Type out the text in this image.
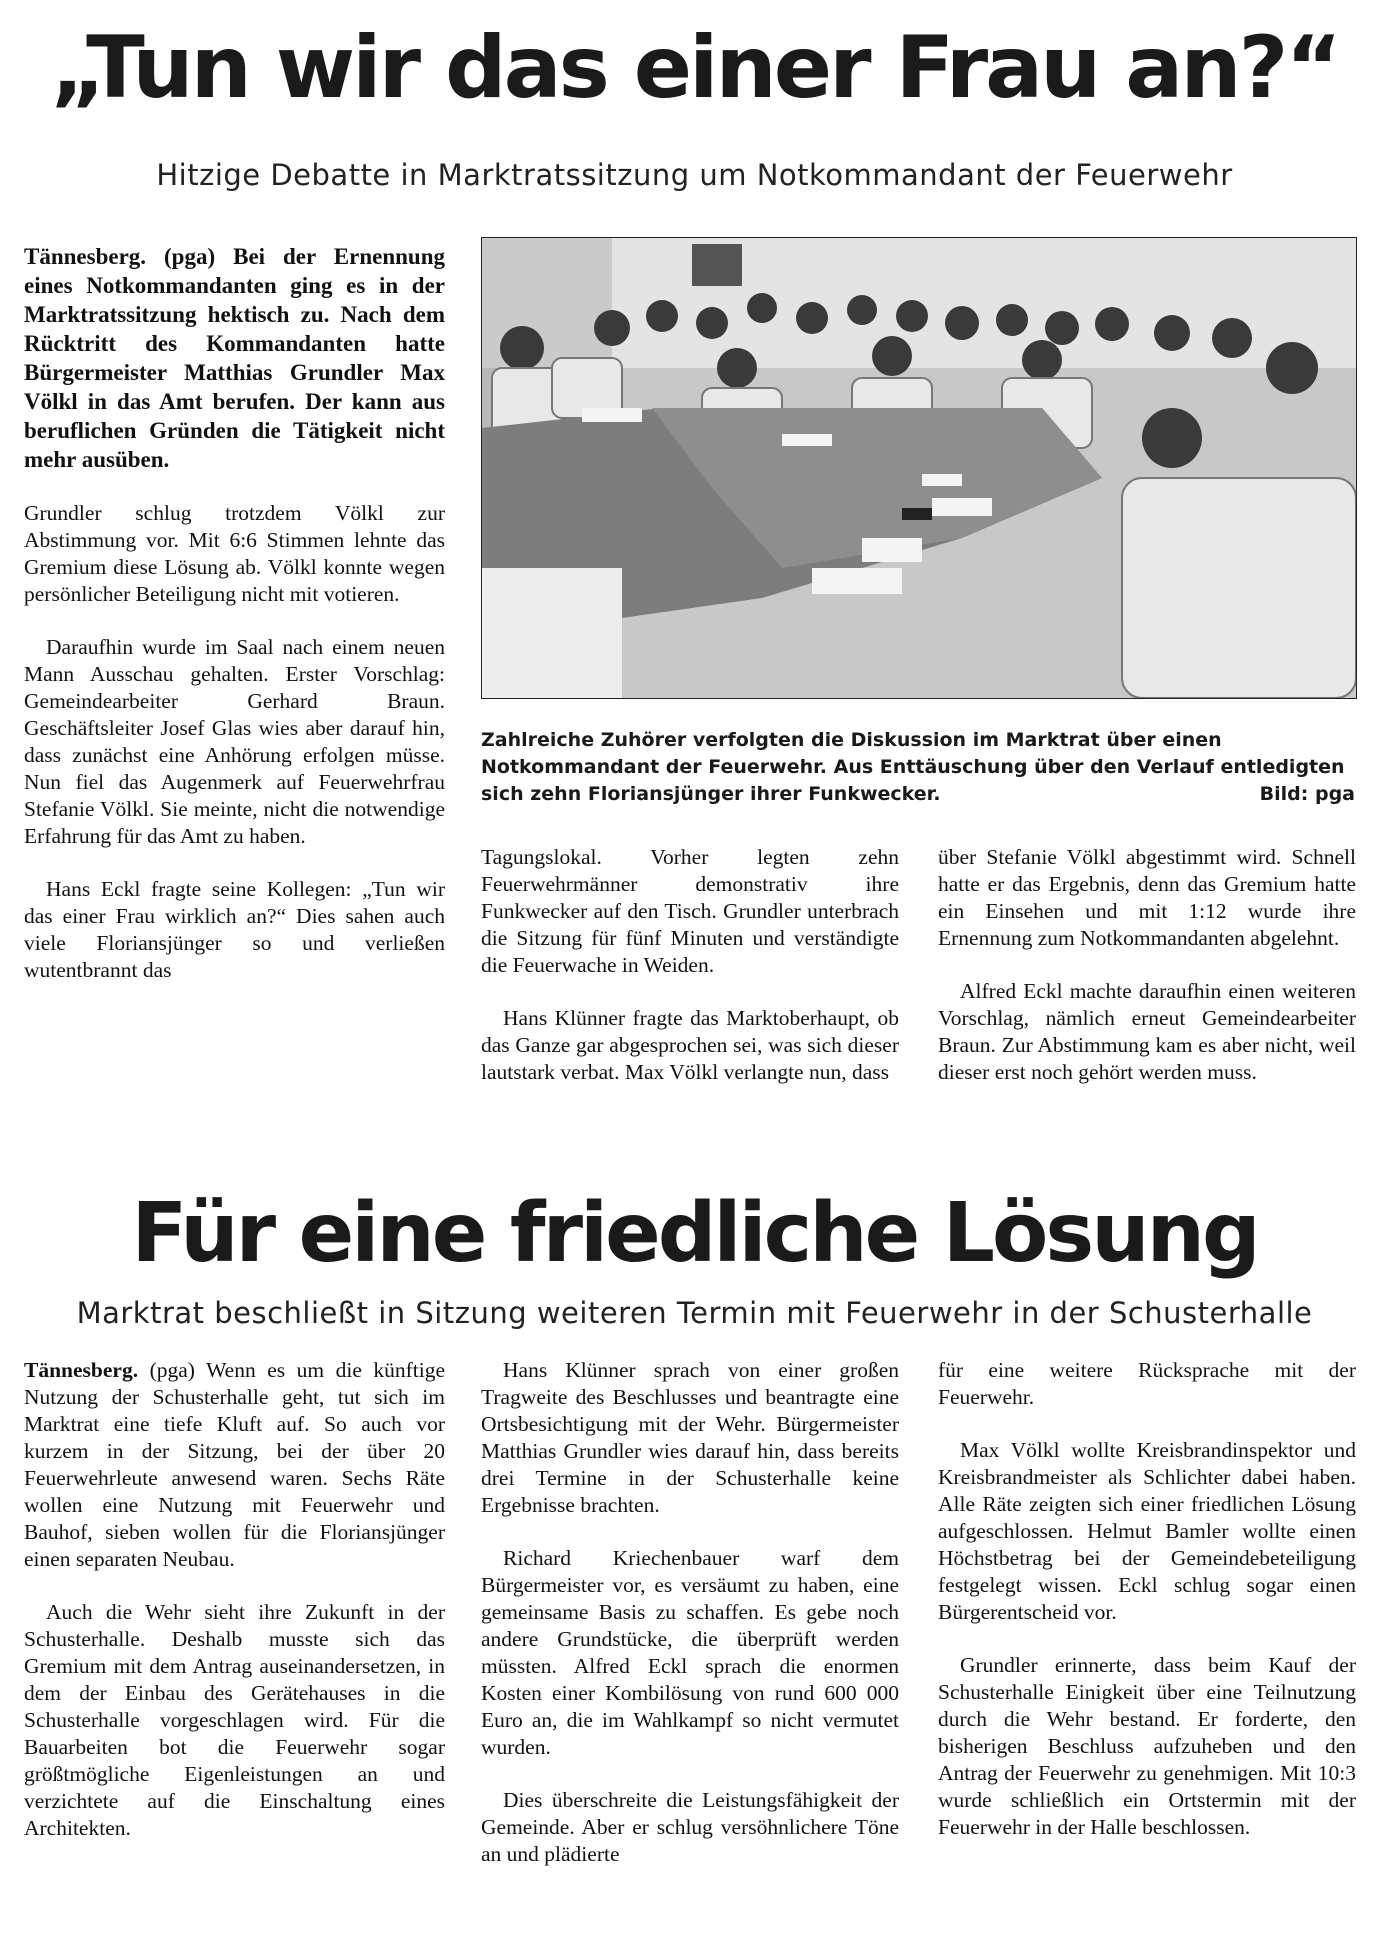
„Tun wir das einer Frau an?“
Hitzige Debatte in Marktratssitzung um Notkommandant der Feuerwehr

Tännesberg. (pga) Bei der Ernennung eines Notkommandanten ging es in der Marktratssitzung hektisch zu. Nach dem Rücktritt des Kommandanten hatte Bürgermeister Matthias Grundler Max Völkl in das Amt berufen. Der kann aus beruflichen Gründen die Tätigkeit nicht mehr ausüben.

Grundler schlug trotzdem Völkl zur Abstimmung vor. Mit 6:6 Stimmen lehnte das Gremium diese Lösung ab. Völkl konnte wegen persönlicher Beteiligung nicht mit votieren.

Daraufhin wurde im Saal nach einem neuen Mann Ausschau gehalten. Erster Vorschlag: Gemeindearbeiter Gerhard Braun. Geschäftsleiter Josef Glas wies aber darauf hin, dass zunächst eine Anhörung erfolgen müsse. Nun fiel das Augenmerk auf Feuerwehrfrau Stefanie Völkl. Sie meinte, nicht die notwendige Erfahrung für das Amt zu haben.

Hans Eckl fragte seine Kollegen: „Tun wir das einer Frau wirklich an?“ Dies sahen auch viele Floriansjünger so und verließen wutentbrannt das

Zahlreiche Zuhörer verfolgten die Diskussion im Marktrat über einen Notkommandant der Feuerwehr. Aus Enttäuschung über den Verlauf entledigten sich zehn Floriansjünger ihrer Funkwecker.	Bild: pga

Tagungslokal. Vorher legten zehn Feuerwehrmänner demonstrativ ihre Funkwecker auf den Tisch. Grundler unterbrach die Sitzung für fünf Minuten und verständigte die Feuerwache in Weiden.

Hans Klünner fragte das Marktoberhaupt, ob das Ganze gar abgesprochen sei, was sich dieser lautstark verbat. Max Völkl verlangte nun, dass

über Stefanie Völkl abgestimmt wird. Schnell hatte er das Ergebnis, denn das Gremium hatte ein Einsehen und mit 1:12 wurde ihre Ernennung zum Notkommandanten abgelehnt.

Alfred Eckl machte daraufhin einen weiteren Vorschlag, nämlich erneut Gemeindearbeiter Braun. Zur Abstimmung kam es aber nicht, weil dieser erst noch gehört werden muss.

Für eine friedliche Lösung
Marktrat beschließt in Sitzung weiteren Termin mit Feuerwehr in der Schusterhalle

Tännesberg. (pga) Wenn es um die künftige Nutzung der Schusterhalle geht, tut sich im Marktrat eine tiefe Kluft auf. So auch vor kurzem in der Sitzung, bei der über 20 Feuerwehrleute anwesend waren. Sechs Räte wollen eine Nutzung mit Feuerwehr und Bauhof, sieben wollen für die Floriansjünger einen separaten Neubau.

Auch die Wehr sieht ihre Zukunft in der Schusterhalle. Deshalb musste sich das Gremium mit dem Antrag auseinandersetzen, in dem der Einbau des Gerätehauses in die Schusterhalle vorgeschlagen wird. Für die Bauarbeiten bot die Feuerwehr sogar größtmögliche Eigenleistungen an und verzichtete auf die Einschaltung eines Architekten.

Hans Klünner sprach von einer großen Tragweite des Beschlusses und beantragte eine Ortsbesichtigung mit der Wehr. Bürgermeister Matthias Grundler wies darauf hin, dass bereits drei Termine in der Schusterhalle keine Ergebnisse brachten.

Richard Kriechenbauer warf dem Bürgermeister vor, es versäumt zu haben, eine gemeinsame Basis zu schaffen. Es gebe noch andere Grundstücke, die überprüft werden müssten. Alfred Eckl sprach die enormen Kosten einer Kombilösung von rund 600 000 Euro an, die im Wahlkampf so nicht vermutet wurden.

Dies überschreite die Leistungsfähigkeit der Gemeinde. Aber er schlug versöhnlichere Töne an und plädierte

für eine weitere Rücksprache mit der Feuerwehr.

Max Völkl wollte Kreisbrandinspektor und Kreisbrandmeister als Schlichter dabei haben. Alle Räte zeigten sich einer friedlichen Lösung aufgeschlossen. Helmut Bamler wollte einen Höchstbetrag bei der Gemeindebeteiligung festgelegt wissen. Eckl schlug sogar einen Bürgerentscheid vor.

Grundler erinnerte, dass beim Kauf der Schusterhalle Einigkeit über eine Teilnutzung durch die Wehr bestand. Er forderte, den bisherigen Beschluss aufzuheben und den Antrag der Feuerwehr zu genehmigen. Mit 10:3 wurde schließlich ein Ortstermin mit der Feuerwehr in der Halle beschlossen.
